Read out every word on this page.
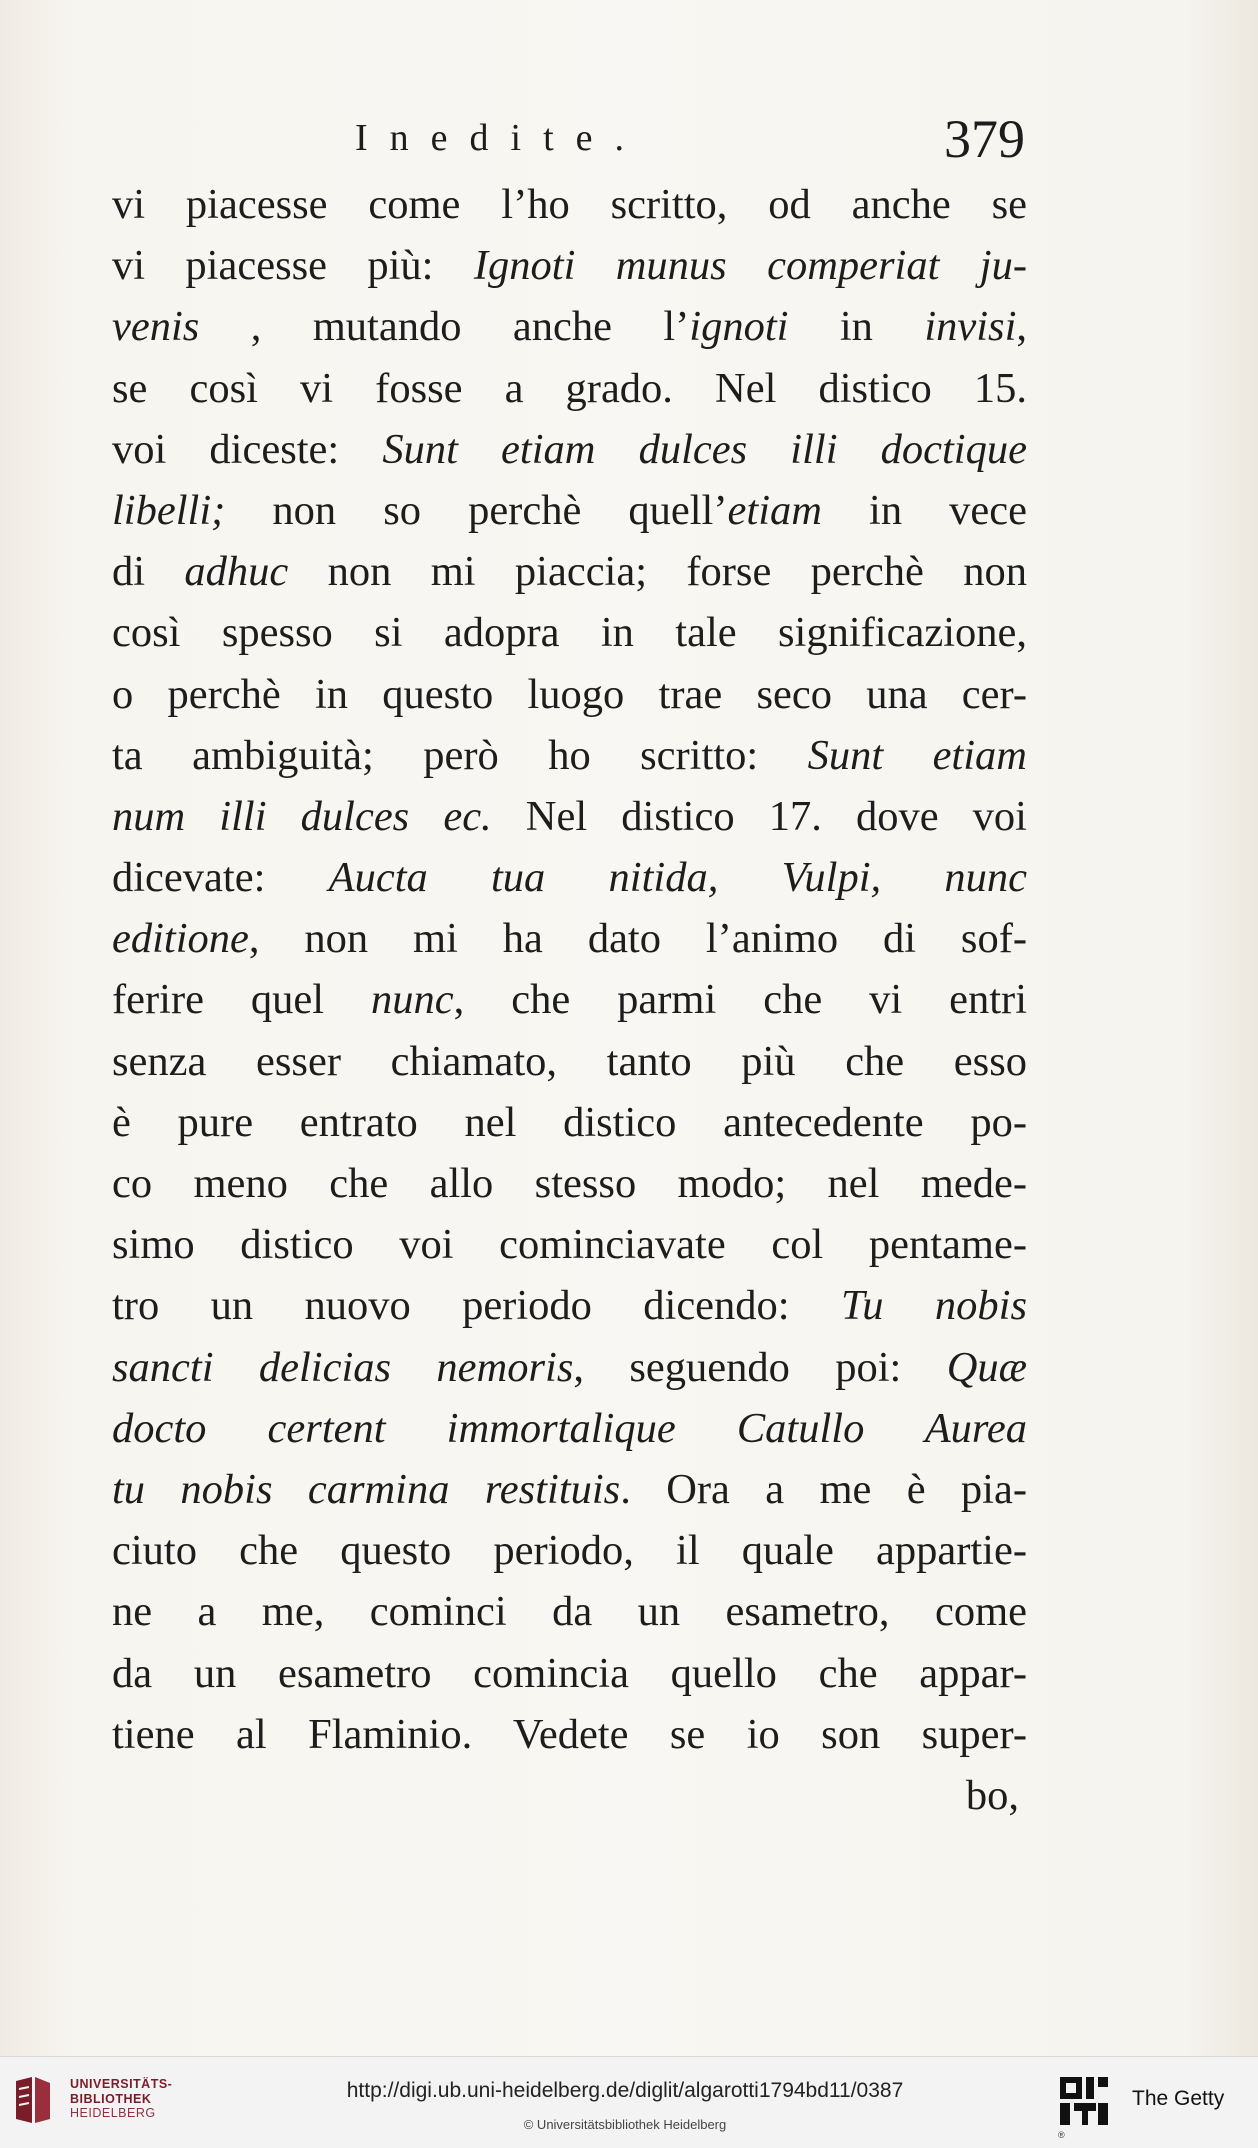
Inedite.	379
vi piacesse come l’ho scritto, od anche se
vi piacesse più: Ignoti munus comperiat ju-
venis , mutando anche l’ignoti in invisi,
se così vi fosse a grado. Nel distico 15.
voi diceste: Sunt etiam dulces illi doctique
libelli; non so perchè quell’etiam in vece
di adhuc non mi piaccia; forse perchè non
così spesso si adopra in tale significazione,
o perchè in questo luogo trae seco una cer-
ta ambiguità; però ho scritto: Sunt etiam
num illi dulces ec. Nel distico 17. dove voi
dicevate: Aucta tua nitida, Vulpi, nunc
editione, non mi ha dato l’animo di sof-
ferire quel nunc, che parmi che vi entri
senza esser chiamato, tanto più che esso
è pure entrato nel distico antecedente po-
co meno che allo stesso modo; nel mede-
simo distico voi cominciavate col pentame-
tro un nuovo periodo dicendo: Tu nobis
sancti delicias nemoris, seguendo poi: Quæ
docto certent immortalique Catullo Aurea
tu nobis carmina restituis. Ora a me è pia-
ciuto che questo periodo, il quale appartie-
ne a me, cominci da un esametro, come
da un esametro comincia quello che appar-
tiene al Flaminio. Vedete se io son super-
bo,
UNIVERSITÄTS-
BIBLIOTHEK
HEIDELBERG
http://digi.ub.uni-heidelberg.de/diglit/algarotti1794bd11/0387
© Universitätsbibliothek Heidelberg
®
The Getty
